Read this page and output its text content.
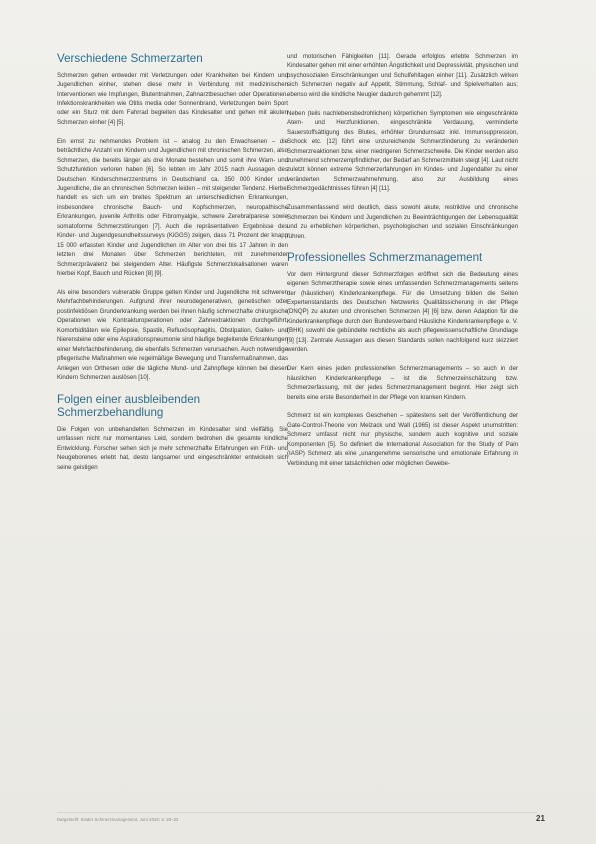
Verschiedene Schmerzarten

Schmerzen gehen entweder mit Verletzungen oder Krankheiten bei Kindern und Jugendlichen einher, stehen diese mehr in Verbindung mit medizinischen Interventionen wie Impfungen, Blutentnahmen, Zahnarztbesuchen oder Operationen. Infektionskrankheiten wie Otitis media oder Sonnenbrand, Verletzungen beim Sport oder ein Sturz mit dem Fahrrad begleiten das Kindesalter und gehen mit akuten Schmerzen einher [4] [5].

Ein ernst zu nehmendes Problem ist – analog zu den Erwachsenen – die beträchtliche Anzahl von Kindern und Jugendlichen mit chronischen Schmerzen, also Schmerzen, die bereits länger als drei Monate bestehen und somit ihre Warn- und Schutzfunktion verloren haben [6]. So lebten im Jahr 2015 nach Aussagen des Deutschen Kinderschmerzzentrums in Deutschland ca. 350 000 Kinder und Jugendliche, die an chronischen Schmerzen leiden – mit steigender Tendenz. Hierbei handelt es sich um ein breites Spektrum an unterschiedlichen Erkrankungen, insbesondere chronische Bauch- und Kopfschmerzen, neuropathische Erkrankungen, juvenile Arthritis oder Fibromyalgie, schwere Zerebralparese sowie somatoforme Schmerzstörungen [7]. Auch die repräsentativen Ergebnisse des Kinder- und Jugendgesundheitssurveys (KiGGS) zeigen, dass 71 Prozent der knapp 15 000 erfassten Kinder und Jugendlichen im Alter von drei bis 17 Jahren in den letzten drei Monaten über Schmerzen berichteten, mit zunehmender Schmerzprävalenz bei steigendem Alter. Häufigste Schmerzlokalisationen waren hierbei Kopf, Bauch und Rücken [8] [9].

Als eine besonders vulnerable Gruppe gelten Kinder und Jugendliche mit schweren Mehrfachbehinderungen. Aufgrund ihrer neurodegenerativen, genetischen oder postinfektiösen Grunderkrankung werden bei ihnen häufig schmerzhafte chirurgische Operationen wie Kontrakturoperationen oder Zahnextraktionen durchgeführt. Komorbiditäten wie Epilepsie, Spastik, Refluxösophagitis, Obstipation, Gallen- und Nierensteine oder eine Aspirationspneumonie sind häufige begleitende Erkrankungen einer Mehrfachbehinderung, die ebenfalls Schmerzen verursachen. Auch notwendige pflegerische Maßnahmen wie regelmäßige Bewegung und Transfermaßnahmen, das Anlegen von Orthesen oder die tägliche Mund- und Zahnpflege können bei diesen Kindern Schmerzen auslösen [10].

Folgen einer ausbleibenden Schmerzbehandlung

Die Folgen von unbehandelten Schmerzen im Kindesalter sind vielfältig. Sie umfassen nicht nur momentanes Leid, sondern bedrohen die gesamte kindliche Entwicklung. Forscher sehen sich je mehr schmerzhafte Erfahrungen ein Früh- und Neugeborenes erlebt hat, desto langsamer und eingeschränkter entwickeln sich seine geistigen

und motorischen Fähigkeiten [11]. Gerade erfolglos erlebte Schmerzen im Kindesalter gehen mit einer erhöhten Ängstlichkeit und Depressivität, physischen und psychosozialen Einschränkungen und Schulfehltagen einher [11]. Zusätzlich wirken sich Schmerzen negativ auf Appetit, Stimmung, Schlaf- und Spielverhalten aus; ebenso wird die kindliche Neugier dadurch gehemmt [12].

Neben (teils nachlebensbedrohlichen) körperlichen Symptomen wie eingeschränkte Atem- und Herzfunktionen, eingeschränkte Verdauung, verminderte Sauerstoffsättigung des Blutes, erhöhter Grundumsatz inkl. Immunsuppression, Schock etc. [12] führt eine unzureichende Schmerzlinderung zu veränderten Schmerzreaktionen bzw. einer niedrigeren Schmerzschwelle. Die Kinder werden also zunehmend schmerzempfindlicher, der Bedarf an Schmerzmitteln steigt [4]. Laut nicht zuletzt können extreme Schmerzerfahrungen im Kindes- und Jugendalter zu einer veränderten Schmerzwahrnehmung, also zur Ausbildung eines Schmerzgedächtnisses führen [4] [11].

Zusammenfassend wird deutlich, dass sowohl akute, restriktive und chronische Schmerzen bei Kindern und Jugendlichen zu Beeinträchtigungen der Lebensqualität und zu erheblichen körperlichen, psychologischen und sozialen Einschränkungen führen.

Professionelles Schmerzmanagement

Vor dem Hintergrund dieser Schmerzfolgen eröffnet sich die Bedeutung eines eigenen Schmerztherapie sowie eines umfassenden Schmerzmanagements seitens der (häuslichen) Kinderkrankenpflege. Für die Umsetzung bilden die Seiten Expertenstandards des Deutschen Netzwerks Qualitätssicherung in der Pflege (DNQP) zu akuten und chronischen Schmerzen [4] [6] bzw. deren Adaption für die Kinderkrankenpflege durch den Bundesverband Häusliche Kinderkrankenpflege e. V. (BHK) sowohl die gebündelte rechtliche als auch pflegewissenschaftliche Grundlage [9] [13]. Zentrale Aussagen aus diesen Standards sollen nachfolgend kurz skizziert werden.

Der Kern eines jeden professionellen Schmerzmanagements – so auch in der häuslichen Kinderkrankenpflege – ist die Schmerzeinschätzung bzw. Schmerzerfassung, mit der jedes Schmerzmanagement beginnt. Hier zeigt sich bereits eine erste Besonderheit in der Pflege von kranken Kindern.

Schmerz ist ein komplexes Geschehen – spätestens seit der Veröffentlichung der Gate-Control-Theorie von Melzack und Wall (1965) ist dieser Aspekt unumstritten: Schmerz umfasst nicht nur physische, sondern auch kognitive und soziale Komponenten [5]. So definiert die International Association for the Study of Pain (IASP) Schmerz als eine „unangenehme sensorische und emotionale Erfahrung in Verbindung mit einer tatsächlichen oder möglichen Gewebe-

Dargestellt: Kinder Schmerzmanagement, Juni 2016; 4: 20–23	21
